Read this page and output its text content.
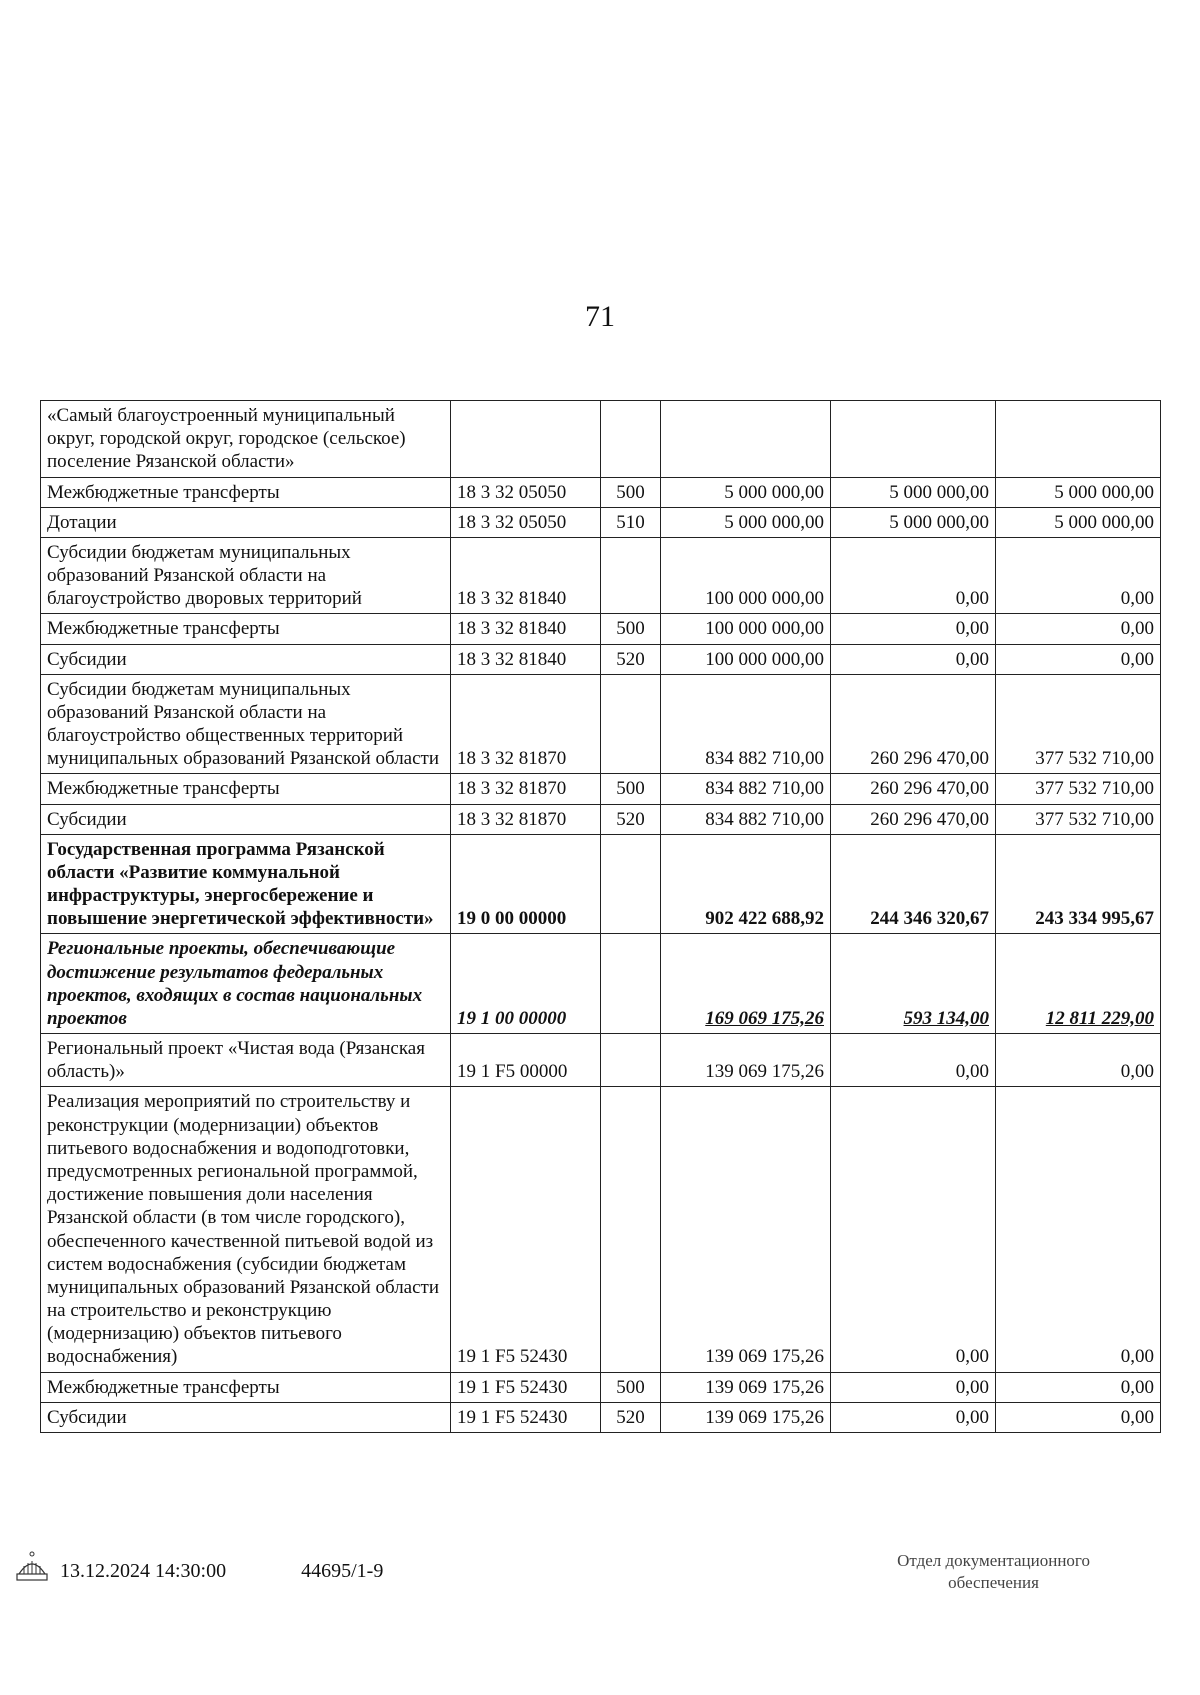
71
«Самый благоустроенный муниципальный округ, городской округ, городское (сельское) поселение Рязанской области»					
Межбюджетные трансферты	18 3 32 05050	500	5 000 000,00	5 000 000,00	5 000 000,00
Дотации	18 3 32 05050	510	5 000 000,00	5 000 000,00	5 000 000,00
Субсидии бюджетам муниципальных образований Рязанской области на благоустройство дворовых территорий	18 3 32 81840		100 000 000,00	0,00	0,00
Межбюджетные трансферты	18 3 32 81840	500	100 000 000,00	0,00	0,00
Субсидии	18 3 32 81840	520	100 000 000,00	0,00	0,00
Субсидии бюджетам муниципальных образований Рязанской области на благоустройство общественных территорий муниципальных образований Рязанской области	18 3 32 81870		834 882 710,00	260 296 470,00	377 532 710,00
Межбюджетные трансферты	18 3 32 81870	500	834 882 710,00	260 296 470,00	377 532 710,00
Субсидии	18 3 32 81870	520	834 882 710,00	260 296 470,00	377 532 710,00
Государственная программа Рязанской области «Развитие коммунальной инфраструктуры, энергосбережение и повышение энергетической эффективности»	19 0 00 00000		902 422 688,92	244 346 320,67	243 334 995,67
Региональные проекты, обеспечивающие достижение результатов федеральных проектов, входящих в состав национальных проектов	19 1 00 00000		169 069 175,26	593 134,00	12 811 229,00
Региональный проект «Чистая вода (Рязанская область)»	19 1 F5 00000		139 069 175,26	0,00	0,00
Реализация мероприятий по строительству и реконструкции (модернизации) объектов питьевого водоснабжения и водоподготовки, предусмотренных региональной программой, достижение повышения доли населения Рязанской области (в том числе городского), обеспеченного качественной питьевой водой из систем водоснабжения (субсидии бюджетам муниципальных образований Рязанской области на строительство и реконструкцию (модернизацию) объектов питьевого водоснабжения)	19 1 F5 52430		139 069 175,26	0,00	0,00
Межбюджетные трансферты	19 1 F5 52430	500	139 069 175,26	0,00	0,00
Субсидии	19 1 F5 52430	520	139 069 175,26	0,00	0,00
13.12.2024 14:30:00	44695/1-9	Отдел документационного
обеспечения
